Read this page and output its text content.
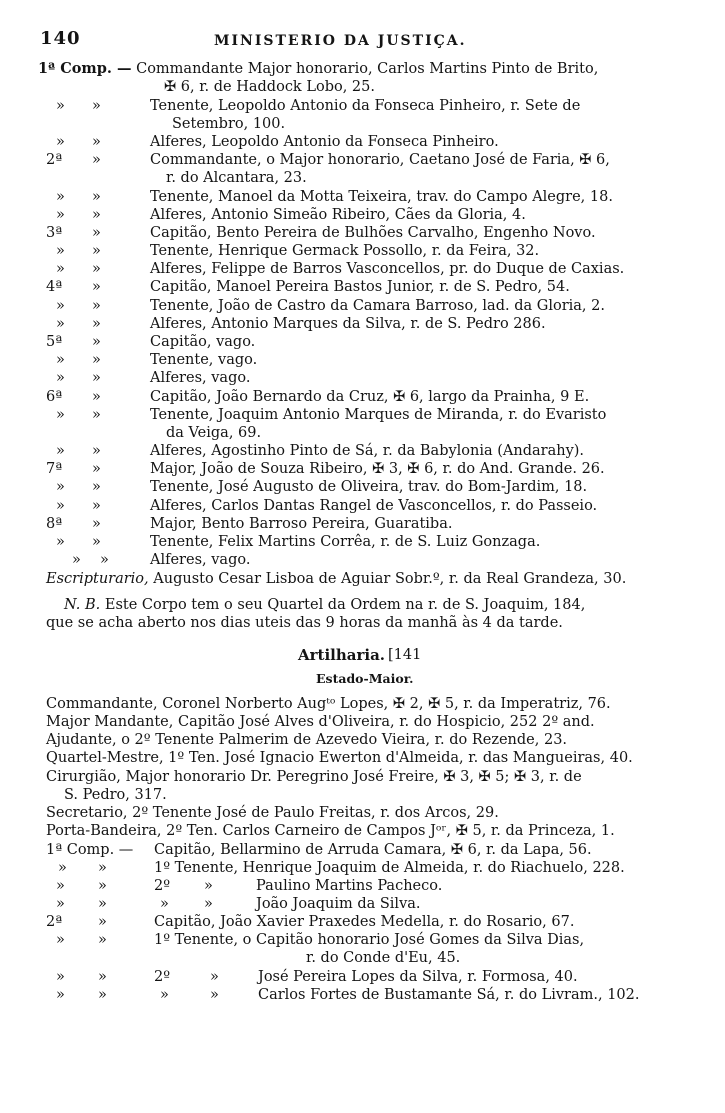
140	MINISTERIO DA JUSTIÇA.
1ª Comp. — Commandante Major honorario, Carlos Martins Pinto de Brito,
✠ 6, r. de Haddock Lobo, 25.
» »	Tenente, Leopoldo Antonio da Fonseca Pinheiro, r. Sete de
Setembro, 100.
» »	Alferes, Leopoldo Antonio da Fonseca Pinheiro.
2ª »	Commandante, o Major honorario, Caetano José de Faria, ✠ 6,
r. do Alcantara, 23.
» »	Tenente, Manoel da Motta Teixeira, trav. do Campo Alegre, 18.
» »	Alferes, Antonio Simeão Ribeiro, Cães da Gloria, 4.
3ª »	Capitão, Bento Pereira de Bulhões Carvalho, Engenho Novo.
» »	Tenente, Henrique Germack Possollo, r. da Feira, 32.
» »	Alferes, Felippe de Barros Vasconcellos, pr. do Duque de Caxias.
4ª »	Capitão, Manoel Pereira Bastos Junior, r. de S. Pedro, 54.
» »	Tenente, João de Castro da Camara Barroso, lad. da Gloria, 2.
» »	Alferes, Antonio Marques da Silva, r. de S. Pedro 286.
5ª »	Capitão, vago.
» »	Tenente, vago.
» »	Alferes, vago.
6ª »	Capitão, João Bernardo da Cruz, ✠ 6, largo da Prainha, 9 E.
» »	Tenente, Joaquim Antonio Marques de Miranda, r. do Evaristo
da Veiga, 69.
» »	Alferes, Agostinho Pinto de Sá, r. da Babylonia (Andarahy).
7ª »	Major, João de Souza Ribeiro, ✠ 3, ✠ 6, r. do And. Grande. 26.
» »	Tenente, José Augusto de Oliveira, trav. do Bom-Jardim, 18.
» »	Alferes, Carlos Dantas Rangel de Vasconcellos, r. do Passeio.
8ª »	Major, Bento Barroso Pereira, Guaratiba.
» »	Tenente, Felix Martins Corrêa, r. de S. Luiz Gonzaga.
» »	Alferes, vago.
Escripturario, Augusto Cesar Lisboa de Aguiar Sobr.º, r. da Real Grandeza, 30.
N. B. Este Corpo tem o seu Quartel da Ordem na r. de S. Joaquim, 184,
que se acha aberto nos dias uteis das 9 horas da manhã às 4 da tarde.
Artilharia. [141
Estado-Maior.
Commandante, Coronel Norberto Augᵗᵒ Lopes, ✠ 2, ✠ 5, r. da Imperatriz, 76.
Major Mandante, Capitão José Alves d'Oliveira, r. do Hospicio, 252 2º and.
Ajudante, o 2º Tenente Palmerim de Azevedo Vieira, r. do Rezende, 23.
Quartel-Mestre, 1º Ten. José Ignacio Ewerton d'Almeida, r. das Mangueiras, 40.
Cirurgião, Major honorario Dr. Peregrino José Freire, ✠ 3, ✠ 5; ✠ 3, r. de
S. Pedro, 317.
Secretario, 2º Tenente José de Paulo Freitas, r. dos Arcos, 29.
Porta-Bandeira, 2º Ten. Carlos Carneiro de Campos Jᵒʳ, ✠ 5, r. da Princeza, 1.
1ª Comp. — Capitão, Bellarmino de Arruda Camara, ✠ 6, r. da Lapa, 56.
» »	1º Tenente, Henrique Joaquim de Almeida, r. do Riachuelo, 228.
» »	2º »	Paulino Martins Pacheco.
» »	» »	João Joaquim da Silva.
2ª »	Capitão, João Xavier Praxedes Medella, r. do Rosario, 67.
» »	1º Tenente, o Capitão honorario José Gomes da Silva Dias,
r. do Conde d'Eu, 45.
» »	2º	»	José Pereira Lopes da Silva, r. Formosa, 40.
» »	»	»	Carlos Fortes de Bustamante Sá, r. do Livram., 102.
